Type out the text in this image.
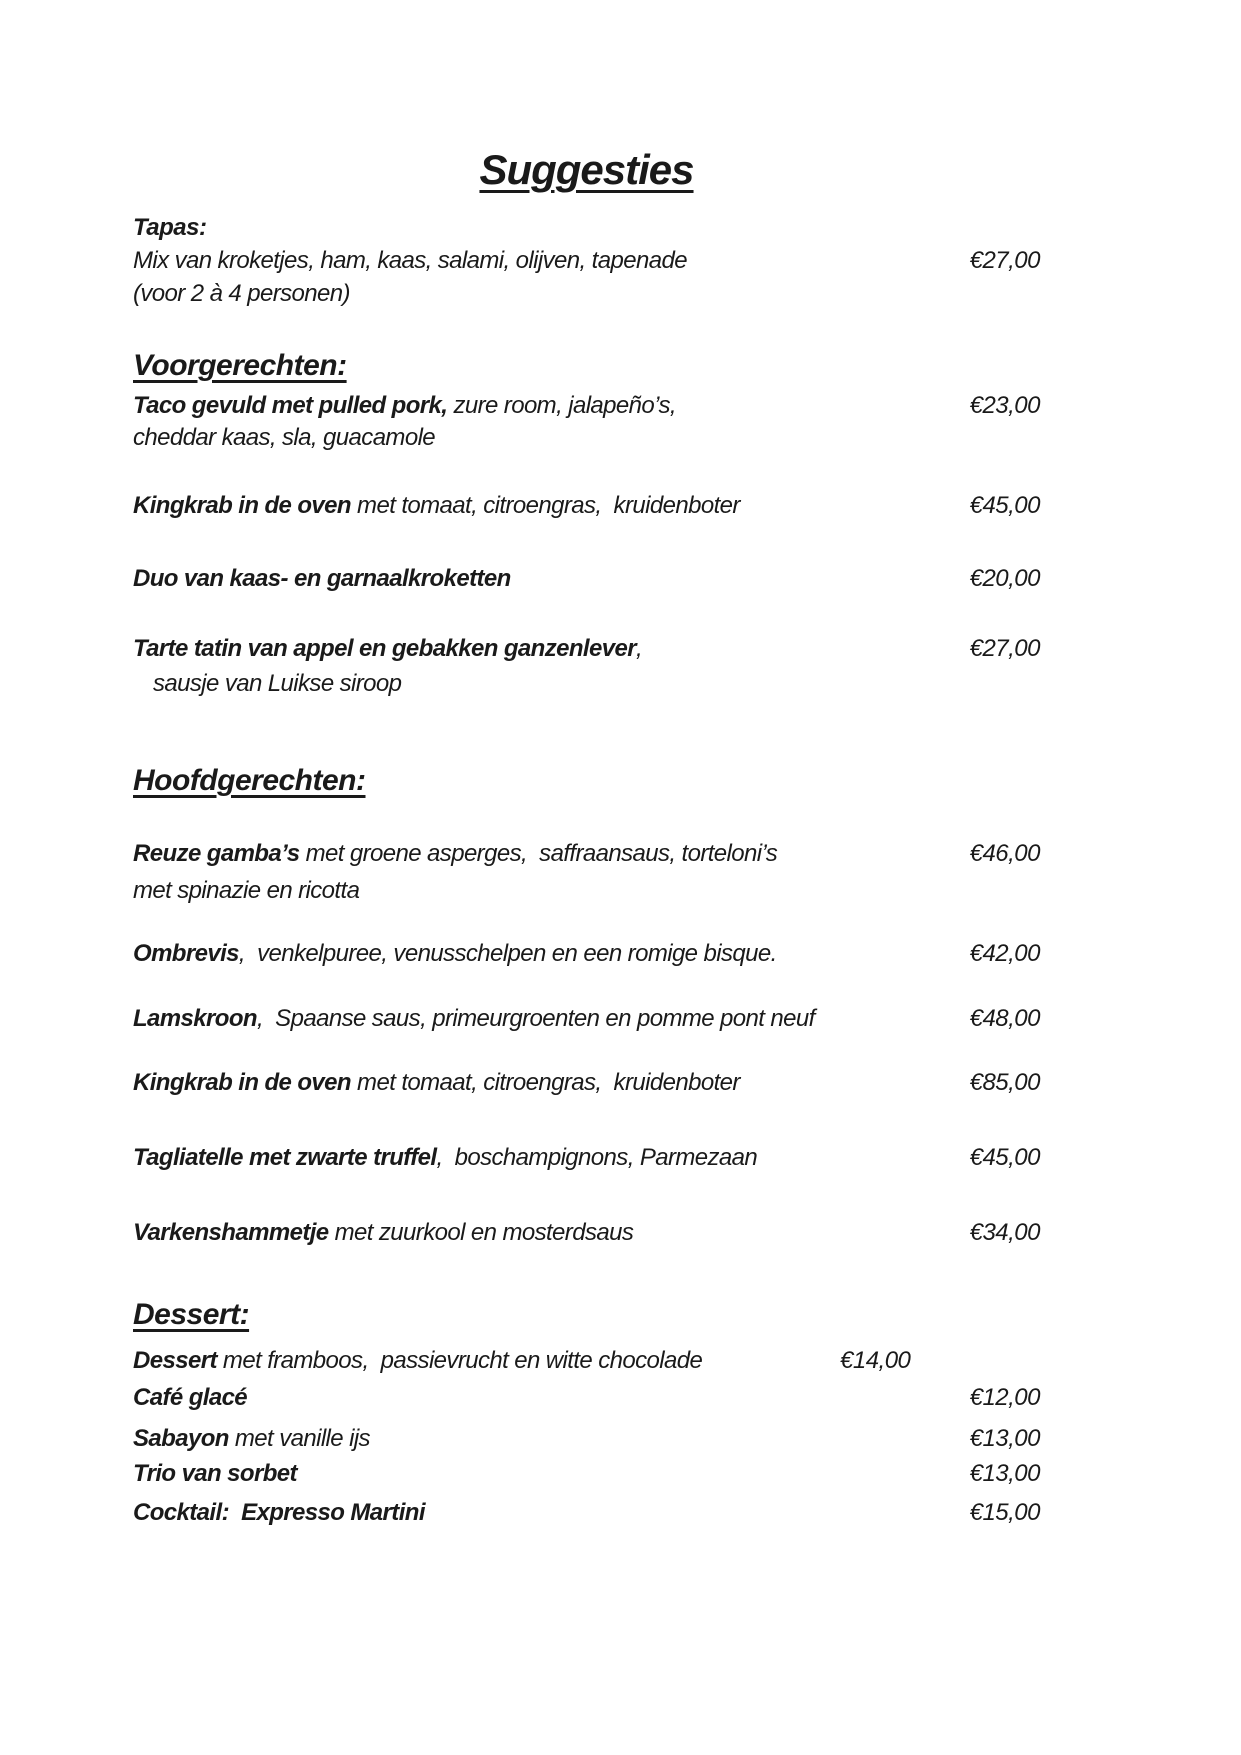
Suggesties
Tapas:
Mix van kroketjes, ham, kaas, salami, olijven, tapenade	€27,00
(voor 2 à 4 personen)
Voorgerechten:
Taco gevuld met pulled pork, zure room, jalapeño’s,	€23,00
cheddar kaas, sla, guacamole
Kingkrab in de oven met tomaat, citroengras,  kruidenboter	€45,00
Duo van kaas- en garnaalkroketten	€20,00
Tarte tatin van appel en gebakken ganzenlever,	€27,00
sausje van Luikse siroop
Hoofdgerechten:
Reuze gamba’s met groene asperges,  saffraansaus, torteloni’s	€46,00
met spinazie en ricotta
Ombrevis,  venkelpuree, venusschelpen en een romige bisque.	€42,00
Lamskroon,  Spaanse saus, primeurgroenten en pomme pont neuf	€48,00
Kingkrab in de oven met tomaat, citroengras,  kruidenboter	€85,00
Tagliatelle met zwarte truffel,  boschampignons, Parmezaan	€45,00
Varkenshammetje met zuurkool en mosterdsaus	€34,00
Dessert:
Dessert met framboos,  passievrucht en witte chocolade	€14,00
Café glacé	€12,00
Sabayon met vanille ijs	€13,00
Trio van sorbet	€13,00
Cocktail:  Expresso Martini	€15,00
